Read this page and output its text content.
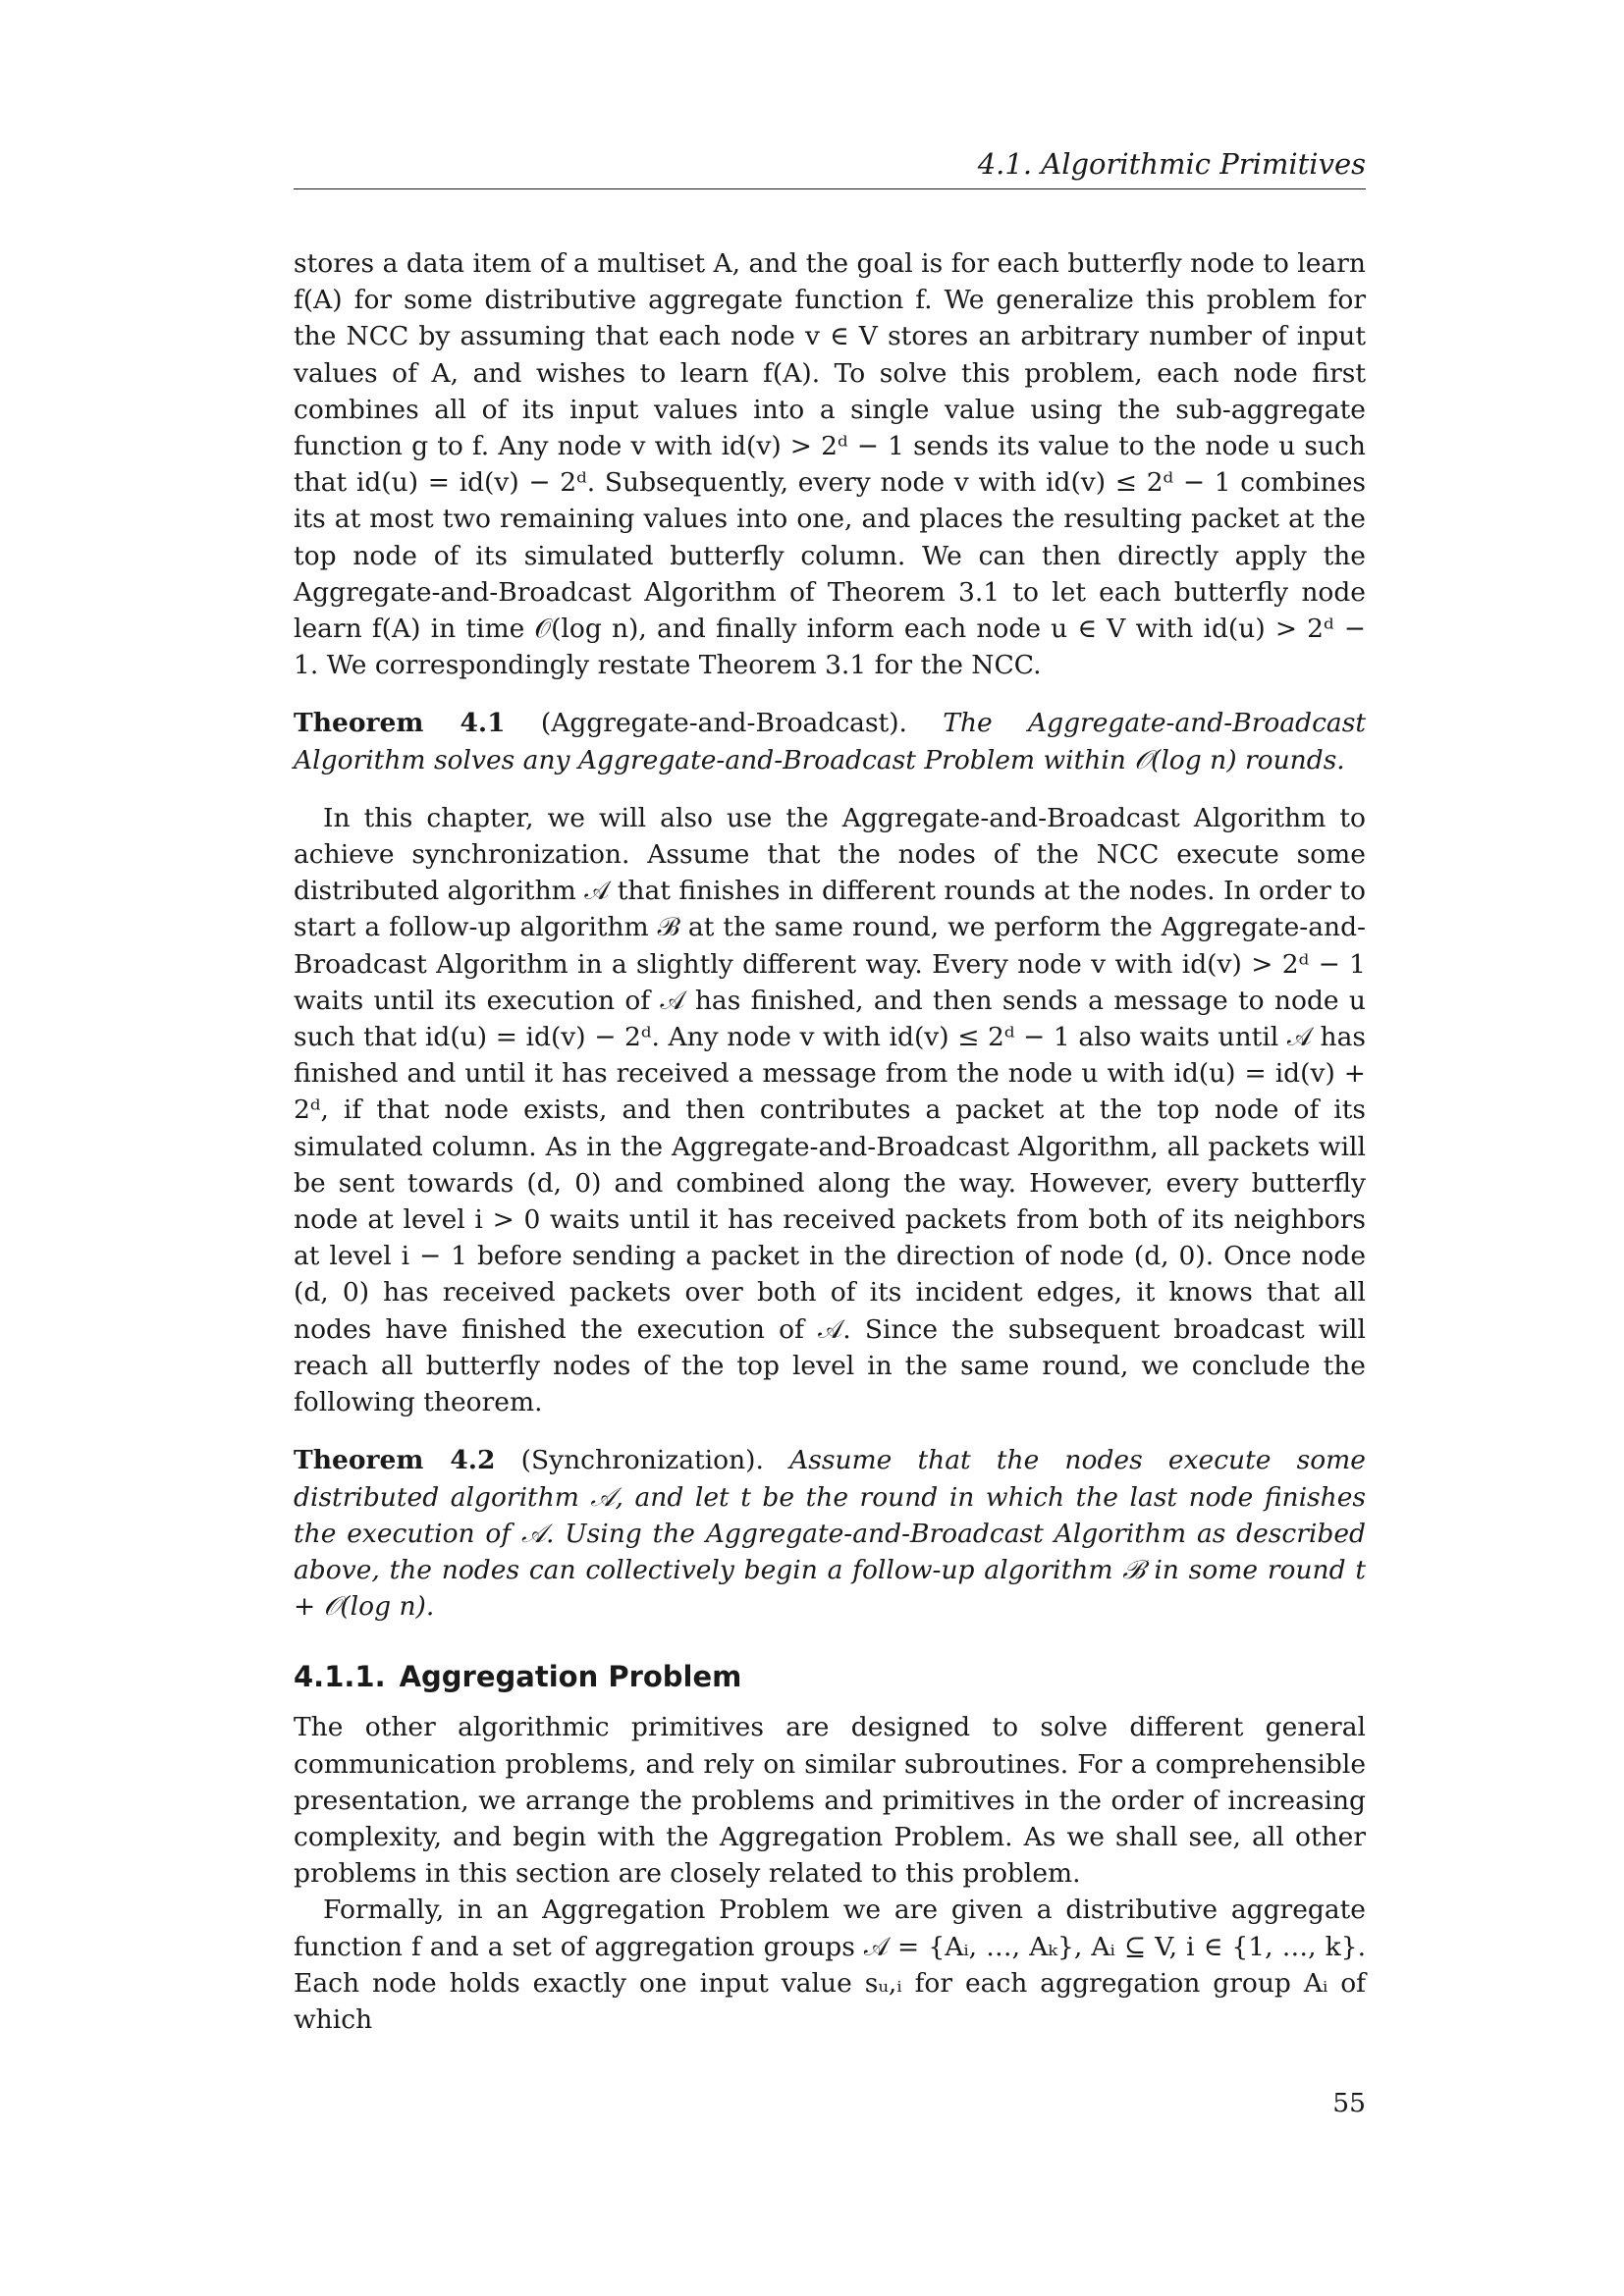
4.1. Algorithmic Primitives

stores a data item of a multiset A, and the goal is for each butterfly node to learn f(A) for some distributive aggregate function f. We generalize this problem for the NCC by assuming that each node v ∈ V stores an arbitrary number of input values of A, and wishes to learn f(A). To solve this problem, each node first combines all of its input values into a single value using the sub-aggregate function g to f. Any node v with id(v) > 2ᵈ − 1 sends its value to the node u such that id(u) = id(v) − 2ᵈ. Subsequently, every node v with id(v) ≤ 2ᵈ − 1 combines its at most two remaining values into one, and places the resulting packet at the top node of its simulated butterfly column. We can then directly apply the Aggregate-and-Broadcast Algorithm of Theorem 3.1 to let each butterfly node learn f(A) in time 𝒪(log n), and finally inform each node u ∈ V with id(u) > 2ᵈ − 1. We correspondingly restate Theorem 3.1 for the NCC.

Theorem 4.1 (Aggregate-and-Broadcast). The Aggregate-and-Broadcast Algorithm solves any Aggregate-and-Broadcast Problem within 𝒪(log n) rounds.

In this chapter, we will also use the Aggregate-and-Broadcast Algorithm to achieve synchronization. Assume that the nodes of the NCC execute some distributed algorithm 𝒜 that finishes in different rounds at the nodes. In order to start a follow-up algorithm ℬ at the same round, we perform the Aggregate-and-Broadcast Algorithm in a slightly different way. Every node v with id(v) > 2ᵈ − 1 waits until its execution of 𝒜 has finished, and then sends a message to node u such that id(u) = id(v) − 2ᵈ. Any node v with id(v) ≤ 2ᵈ − 1 also waits until 𝒜 has finished and until it has received a message from the node u with id(u) = id(v) + 2ᵈ, if that node exists, and then contributes a packet at the top node of its simulated column. As in the Aggregate-and-Broadcast Algorithm, all packets will be sent towards (d, 0) and combined along the way. However, every butterfly node at level i > 0 waits until it has received packets from both of its neighbors at level i − 1 before sending a packet in the direction of node (d, 0). Once node (d, 0) has received packets over both of its incident edges, it knows that all nodes have finished the execution of 𝒜. Since the subsequent broadcast will reach all butterfly nodes of the top level in the same round, we conclude the following theorem.

Theorem 4.2 (Synchronization). Assume that the nodes execute some distributed algorithm 𝒜, and let t be the round in which the last node finishes the execution of 𝒜. Using the Aggregate-and-Broadcast Algorithm as described above, the nodes can collectively begin a follow-up algorithm ℬ in some round t + 𝒪(log n).

4.1.1. Aggregation Problem

The other algorithmic primitives are designed to solve different general communication problems, and rely on similar subroutines. For a comprehensible presentation, we arrange the problems and primitives in the order of increasing complexity, and begin with the Aggregation Problem. As we shall see, all other problems in this section are closely related to this problem.

Formally, in an Aggregation Problem we are given a distributive aggregate function f and a set of aggregation groups 𝒜 = {Aᵢ, …, Aₖ}, Aᵢ ⊆ V, i ∈ {1, …, k}. Each node holds exactly one input value sᵤ,ᵢ for each aggregation group Aᵢ of which

55
